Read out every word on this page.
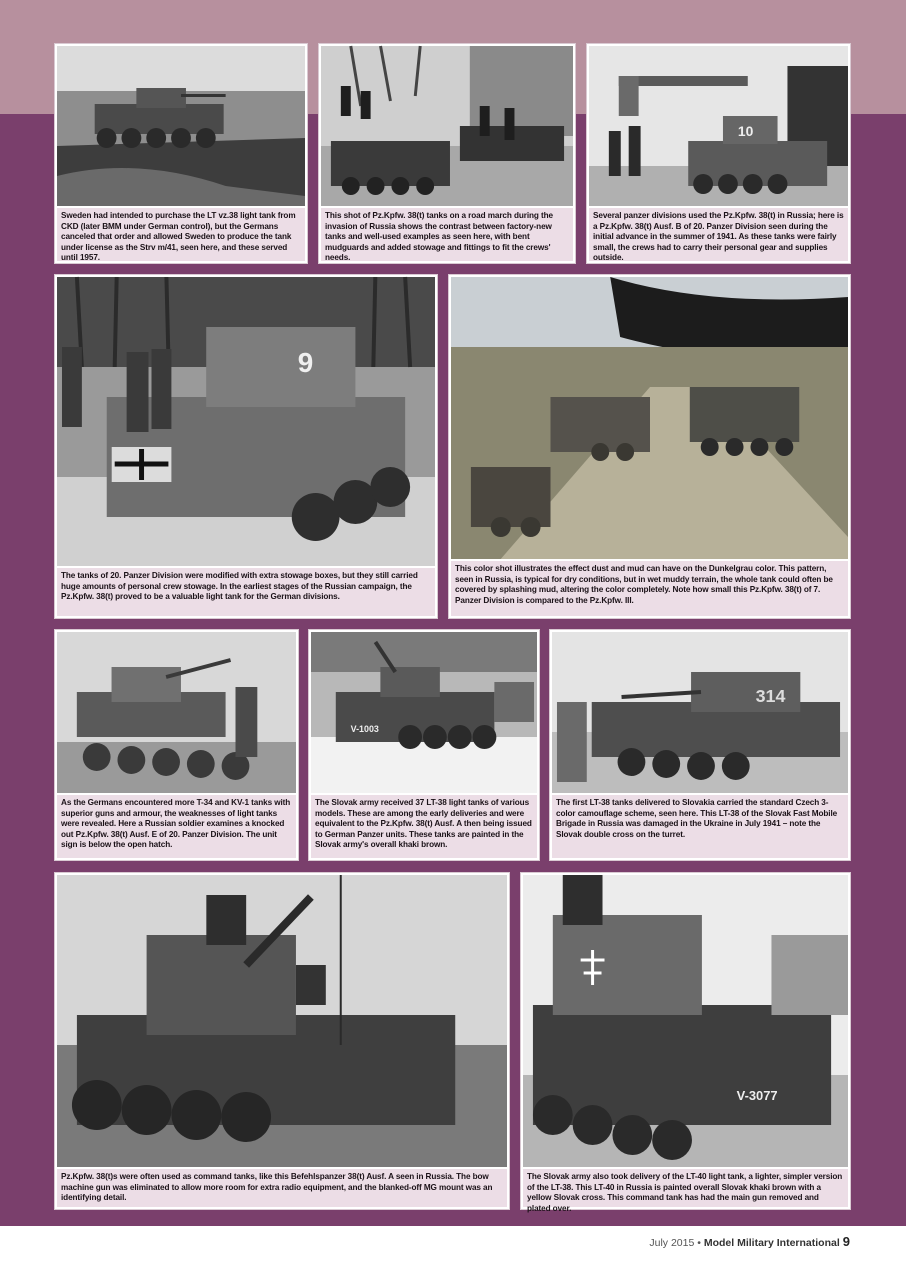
Sweden had intended to purchase the LT vz.38 light tank from CKD (later BMM under German control), but the Germans canceled that order and allowed Sweden to produce the tank under license as the Strv m/41, seen here, and these served until 1957.
This shot of Pz.Kpfw. 38(t) tanks on a road march during the invasion of Russia shows the contrast between factory-new tanks and well-used examples as seen here, with bent mudguards and added stowage and fittings to fit the crews' needs.
10
Several panzer divisions used the Pz.Kpfw. 38(t) in Russia; here is a Pz.Kpfw. 38(t) Ausf. B of 20. Panzer Division seen during the initial advance in the summer of 1941. As these tanks were fairly small, the crews had to carry their personal gear and supplies outside.
9
The tanks of 20. Panzer Division were modified with extra stowage boxes, but they still carried huge amounts of personal crew stowage. In the earliest stages of the Russian campaign, the Pz.Kpfw. 38(t) proved to be a valuable light tank for the German divisions.
This color shot illustrates the effect dust and mud can have on the Dunkelgrau color. This pattern, seen in Russia, is typical for dry conditions, but in wet muddy terrain, the whole tank could often be covered by splashing mud, altering the color completely. Note how small this Pz.Kpfw. 38(t) of 7. Panzer Division is compared to the Pz.Kpfw. III.
As the Germans encountered more T-34 and KV-1 tanks with superior guns and armour, the weaknesses of light tanks were revealed. Here a Russian soldier examines a knocked out Pz.Kpfw. 38(t) Ausf. E of 20. Panzer Division. The unit sign is below the open hatch.
V-1003
The Slovak army received 37 LT-38 light tanks of various models. These are among the early deliveries and were equivalent to the Pz.Kpfw. 38(t) Ausf. A then being issued to German Panzer units. These tanks are painted in the Slovak army's overall khaki brown.
314
The first LT-38 tanks delivered to Slovakia carried the standard Czech 3-color camouflage scheme, seen here. This LT-38 of the Slovak Fast Mobile Brigade in Russia was damaged in the Ukraine in July 1941 – note the Slovak double cross on the turret.
Pz.Kpfw. 38(t)s were often used as command tanks, like this Befehlspanzer 38(t) Ausf. A seen in Russia. The bow machine gun was eliminated to allow more room for extra radio equipment, and the blanked-off MG mount was an identifying detail.
V-3077
The Slovak army also took delivery of the LT-40 light tank, a lighter, simpler version of the LT-38. This LT-40 in Russia is painted overall Slovak khaki brown with a yellow Slovak cross. This command tank has had the main gun removed and plated over.
July 2015 • Model Military International 9
